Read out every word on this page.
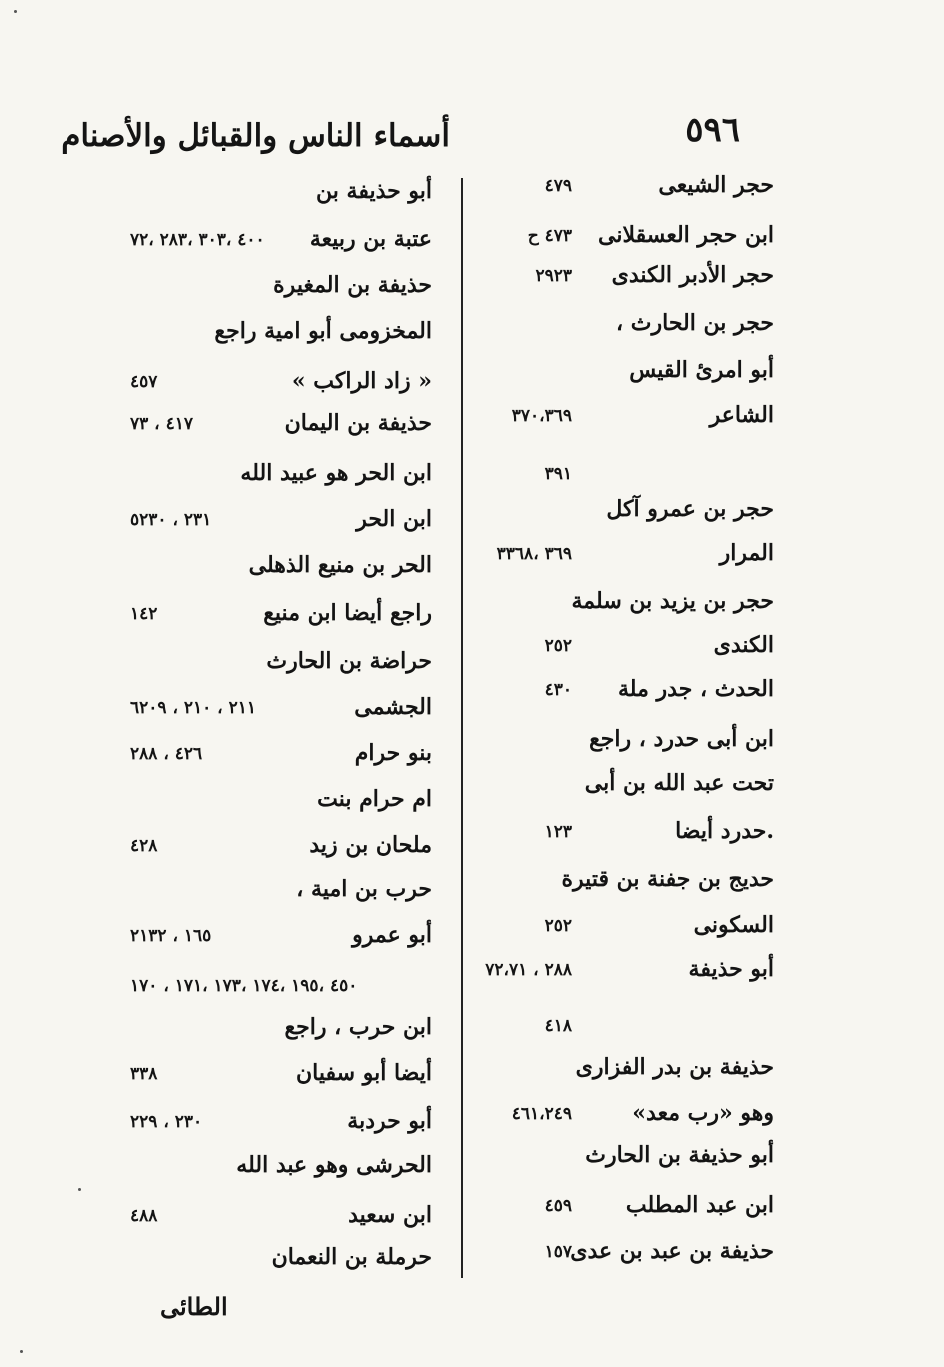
أسماء الناس والقبائل والأصنام	٥٩٦
حجر الشيعى
٤٧٩
ابن حجر العسقلانى
٤٧٣ ح
حجر الأدبر الكندى
٢٩٢٣
حجر بن الحارث ،
أبو امرئ القيس
الشاعر
٣٧٠،٣٦٩
٣٩١
حجر بن عمرو آكل
المرار
٣٦٩ ،٣٣٦٨
حجر بن يزيد بن سلمة
الكندى
٢٥٢
الحدث ، جدر ملة
٤٣٠
ابن أبى حدرد ، راجع
تحت عبد الله بن أبى
.حدرد أيضا
١٢٣
حديج بن جفنة بن قتيرة
السكونى
٢٥٢
أبو حذيفة
٢٨٨ ، ٧٢،٧١
٤١٨
حذيفة بن بدر الفزارى
وهو «رب معد»
٤٦١،٢٤٩
أبو حذيفة بن الحارث
ابن عبد المطلب
٤٥٩
حذيفة بن عبد بن عدى
١٥٧
أبو حذيفة بن
عتبة بن ربيعة
٤٠٠ ،٣٠٣ ،٢٨٣ ،٧٢
حذيفة بن المغيرة
المخزومى أبو امية راجع
« زاد الراكب »
٤٥٧
حذيفة بن اليمان
٤١٧ ، ٧٣
ابن الحر هو عبيد الله
ابن الحر
٢٣١ ، ٥٢٣٠
الحر بن منيع الذهلى
راجع أيضا ابن منيع
١٤٢
حراضة بن الحارث
الجشمى
٢١١ ، ٢١٠ ، ٦٢٠٩
بنو حرام
٤٢٦ ، ٢٨٨
ام حرام بنت
ملحان بن زيد
٤٢٨
حرب بن امية ،
أبو عمرو
١٦٥ ، ٢١٣٢
٤٥٠ ،١٩٥ ،١٧٤ ،١٧٣ ،١٧١ ، ١٧٠
ابن حرب ، راجع
أيضا أبو سفيان
٣٣٨
أبو حردبة
٢٣٠ ، ٢٢٩
الحرشى وهو عبد الله
ابن سعيد
٤٨٨
حرملة بن النعمان
الطائى
